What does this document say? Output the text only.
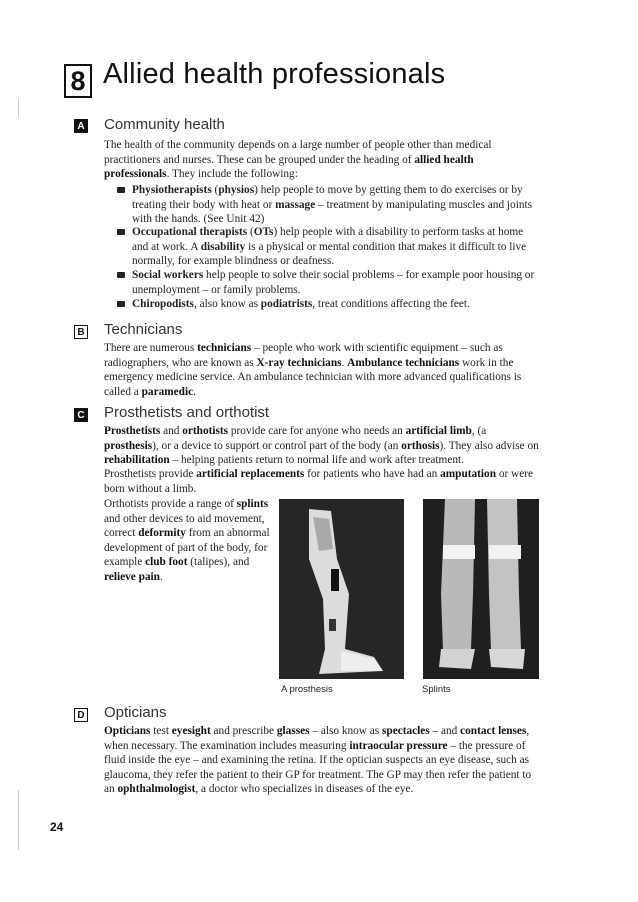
8 Allied health professionals
A Community health

The health of the community depends on a large number of people other than medical practitioners and nurses. These can be grouped under the heading of allied health professionals. They include the following:

Physiotherapists (physios) help people to move by getting them to do exercises or by treating their body with heat or massage – treatment by manipulating muscles and joints with the hands. (See Unit 42)
Occupational therapists (OTs) help people with a disability to perform tasks at home and at work. A disability is a physical or mental condition that makes it difficult to live normally, for example blindness or deafness.
Social workers help people to solve their social problems – for example poor housing or unemployment – or family problems.
Chiropodists, also know as podiatrists, treat conditions affecting the feet.
B Technicians

There are numerous technicians – people who work with scientific equipment – such as radiographers, who are known as X-ray technicians. Ambulance technicians work in the emergency medicine service. An ambulance technician with more advanced qualifications is called a paramedic.

C Prosthetists and orthotist

Prosthetists and orthotists provide care for anyone who needs an artificial limb, (a prosthesis), or a device to support or control part of the body (an orthosis). They also advise on rehabilitation – helping patients return to normal life and work after treatment.

Prosthetists provide artificial replacements for patients who have had an amputation or were born without a limb.

Orthotists provide a range of splints and other devices to aid movement, correct deformity from an abnormal development of part of the body, for example club foot (talipes), and relieve pain.

A prosthesis	Splints
D Opticians

Opticians test eyesight and prescribe glasses – also know as spectacles – and contact lenses, when necessary. The examination includes measuring intraocular pressure – the pressure of fluid inside the eye – and examining the retina. If the optician suspects an eye disease, such as glaucoma, they refer the patient to their GP for treatment. The GP may then refer the patient to an ophthalmologist, a doctor who specializes in diseases of the eye.

24
